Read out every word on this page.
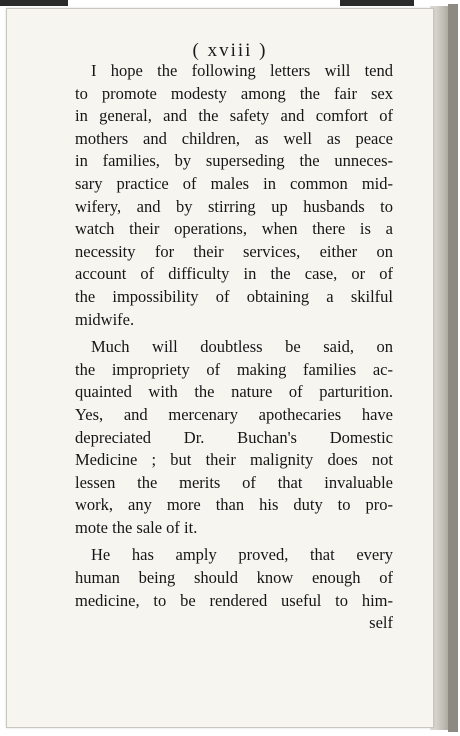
( xviii )
I hope the following letters will tend
to promote modesty among the fair sex
in general, and the safety and comfort of
mothers and children, as well as peace
in families, by superseding the unneces-
sary practice of males in common mid-
wifery, and by stirring up husbands to
watch their operations, when there is a
necessity for their services, either on
account of difficulty in the case, or of
the impossibility of obtaining a skilful
midwife.
Much will doubtless be said, on
the impropriety of making families ac-
quainted with the nature of parturition.
Yes, and mercenary apothecaries have
depreciated Dr. Buchan's Domestic
Medicine ; but their malignity does not
lessen the merits of that invaluable
work, any more than his duty to pro-
mote the sale of it.
He has amply proved, that every
human being should know enough of
medicine, to be rendered useful to him-
self
